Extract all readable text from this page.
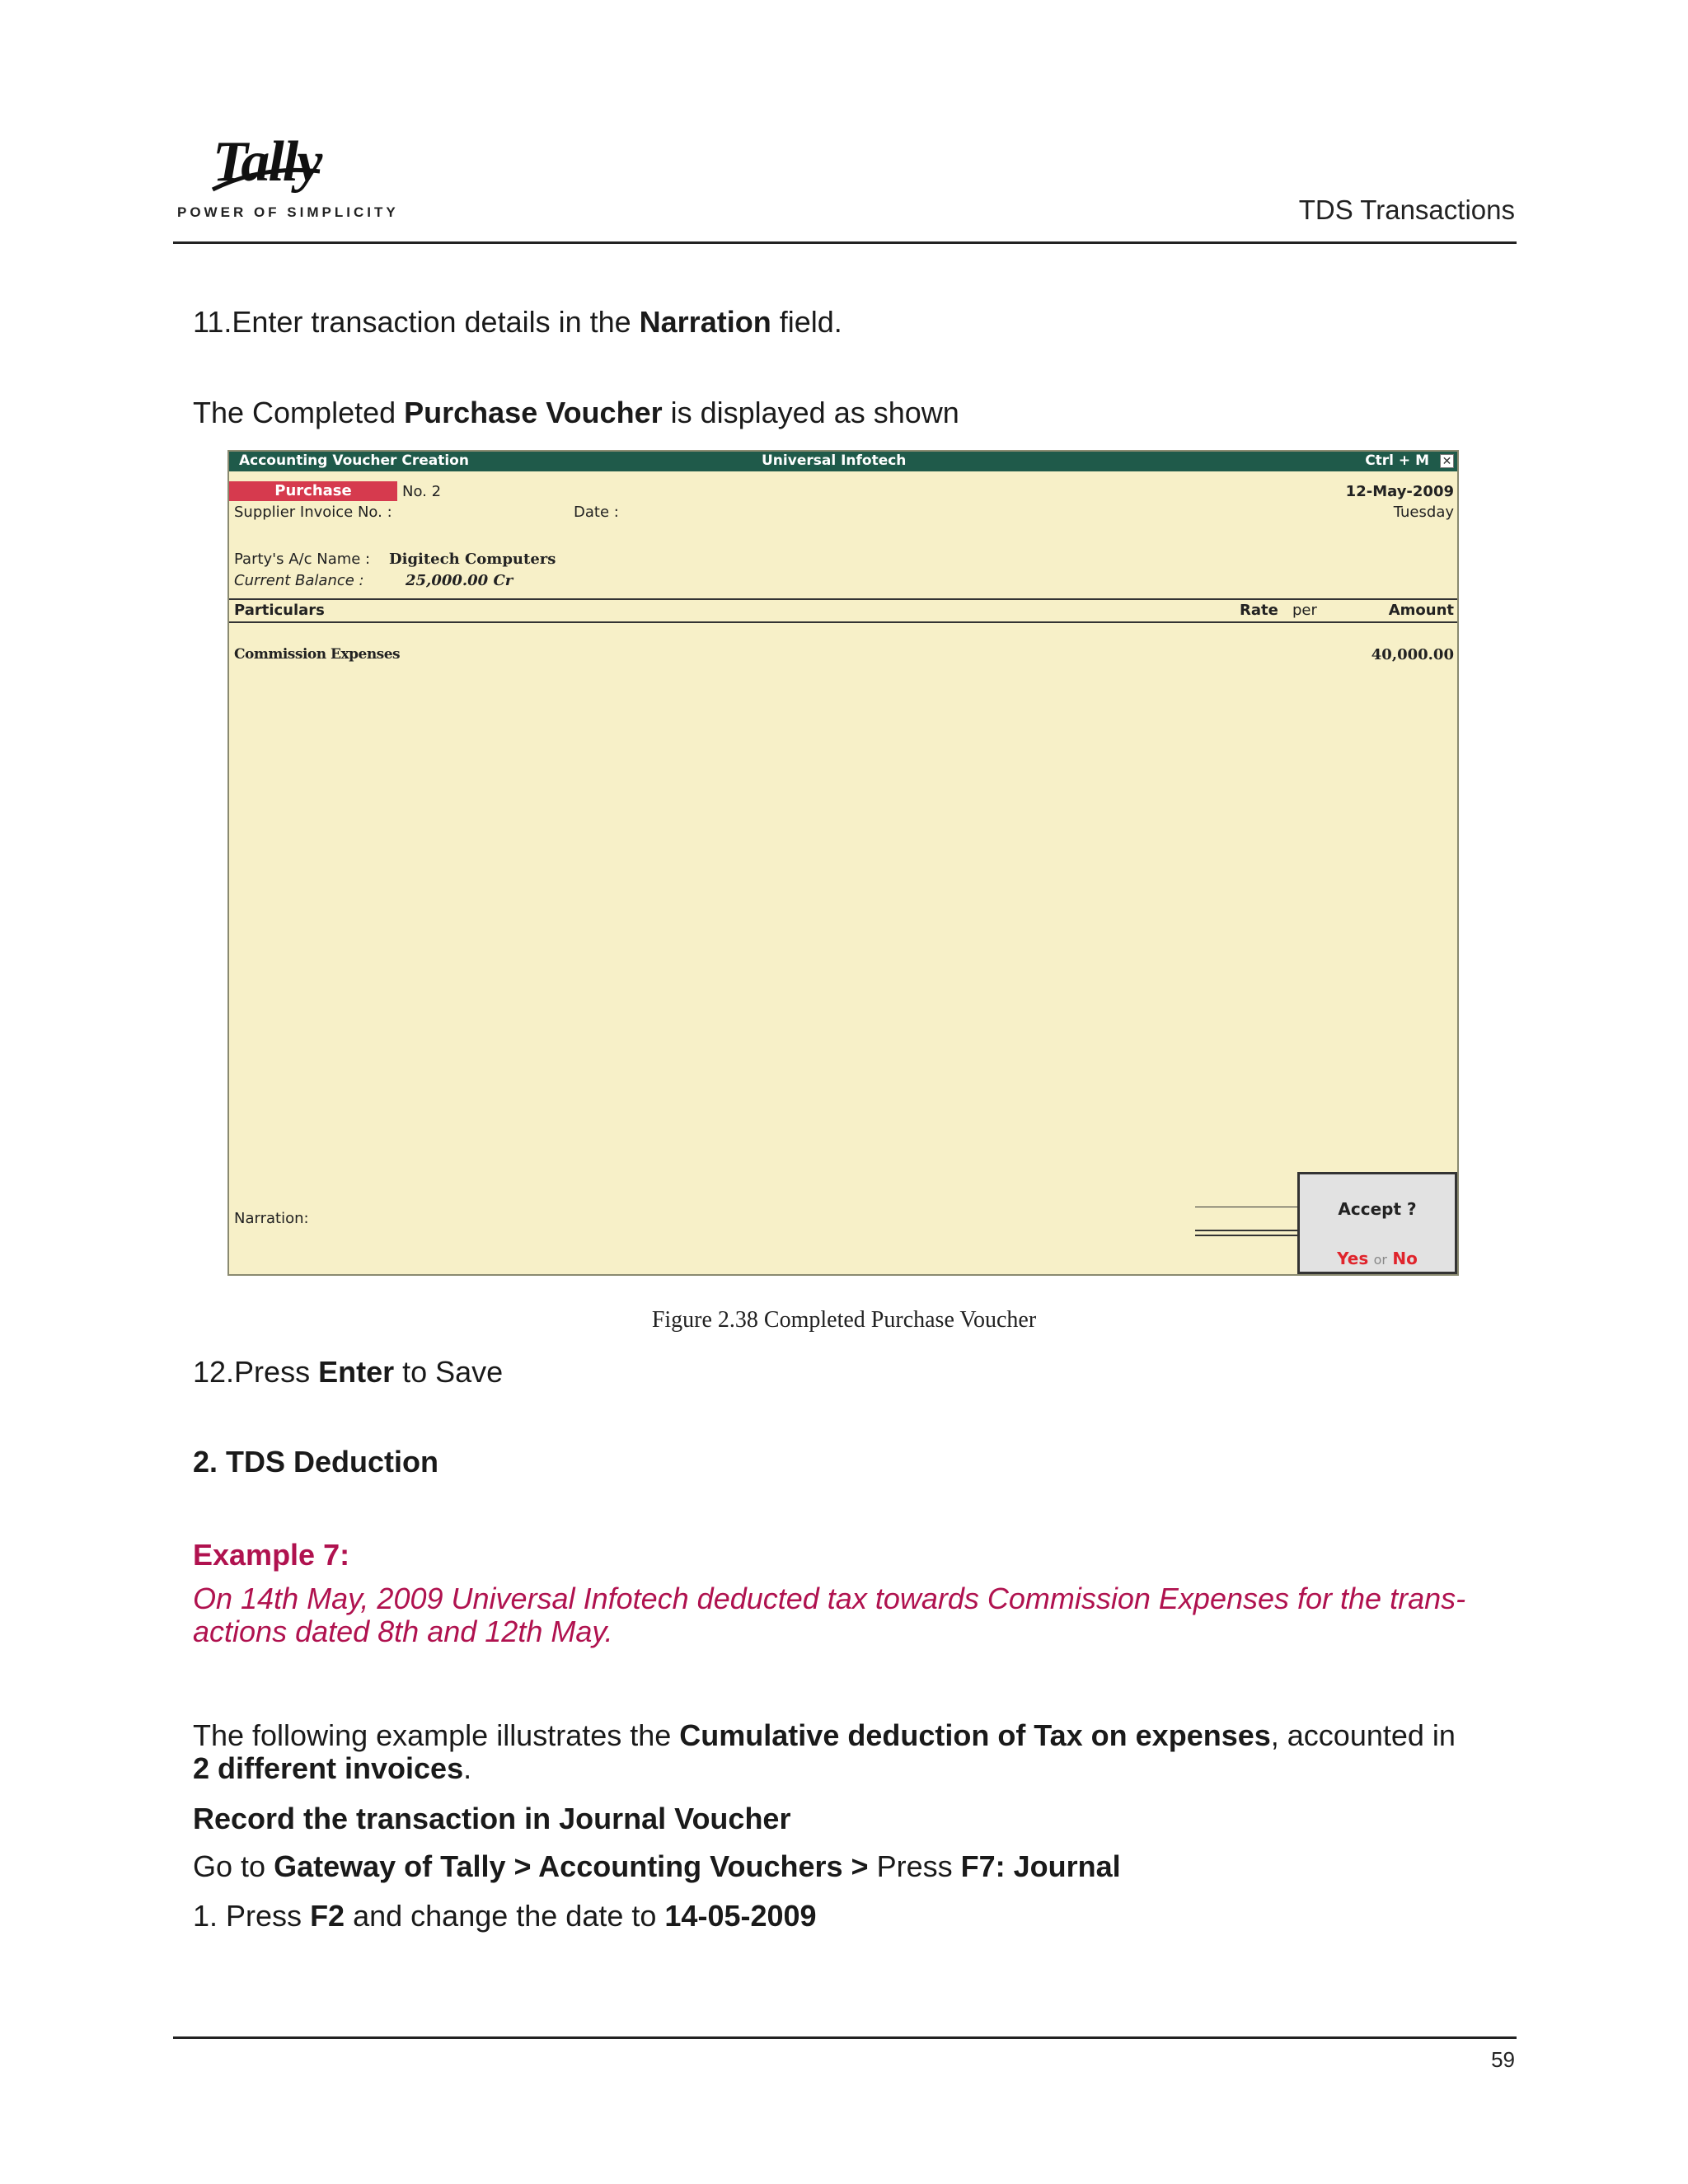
Tally
POWER OF SIMPLICITY	TDS Transactions
11.Enter transaction details in the Narration field.
The Completed Purchase Voucher is displayed as shown
Accounting Voucher Creation	Universal Infotech	Ctrl + M ✕
Purchase	No. 2	12-May-2009
Supplier Invoice No. :	Date :	Tuesday
Party's A/c Name : Digitech Computers
Current Balance :	25,000.00 Cr
Particulars	Rate per	Amount
Commission Expenses	40,000.00
Narration:	Accept ?
Yes or No
Figure 2.38 Completed Purchase Voucher
12.Press Enter to Save
2. TDS Deduction
Example 7:
On 14th May, 2009 Universal Infotech deducted tax towards Commission Expenses for the trans-actions dated 8th and 12th May.
The following example illustrates the Cumulative deduction of Tax on expenses, accounted in
2 different invoices.
Record the transaction in Journal Voucher
Go to Gateway of Tally > Accounting Vouchers > Press F7: Journal
1. Press F2 and change the date to 14-05-2009
59
